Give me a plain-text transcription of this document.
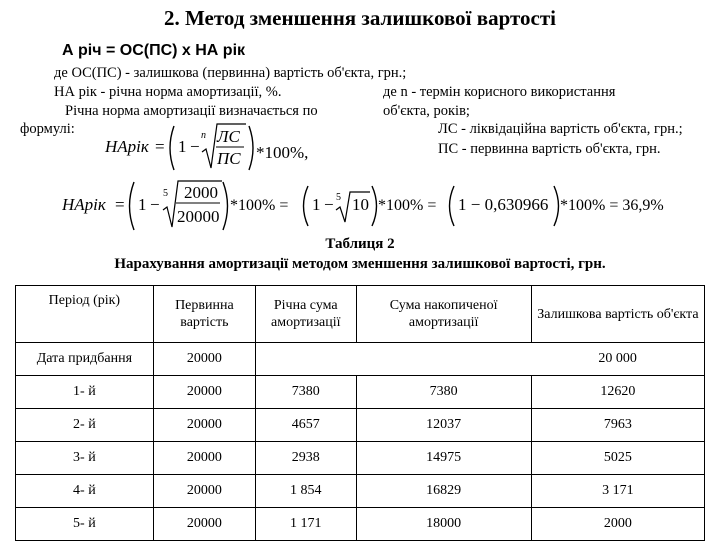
2. Метод зменшення залишкової вартості
А річ = ОС(ПС) х НА рік
де ОС(ПС) - залишкова (первинна) вартість об'єкта, грн.;
НА рік - річна норма амортизації, %.
Річна норма амортизації визначається по
формулі:
де n - термін корисного використання
об'єкта, років;
ЛС - ліквідаційна вартість об'єкта, грн.;
ПС - первинна вартість об'єкта, грн.
НАрік = 1 −
n ЛС
ПС *100%,
НАрік = 1 −
5 2000
20000
*100% = 1 − 5 10 *100% = 1 − 0,630966 *100% = 36,9%
Таблиця 2
Нарахування амортизації методом зменшення залишкової вартості, грн.
Період (рік)	Первинна вартість	Річна сума амортизації	Сума накопиченої амортизації	Залишкова вартість об'єкта
Дата придбання	20000			20 000
1- й	20000	7380	7380	12620
2- й	20000	4657	12037	7963
3- й	20000	2938	14975	5025
4- й	20000	1 854	16829	3 171
5- й	20000	1 171	18000	2000
